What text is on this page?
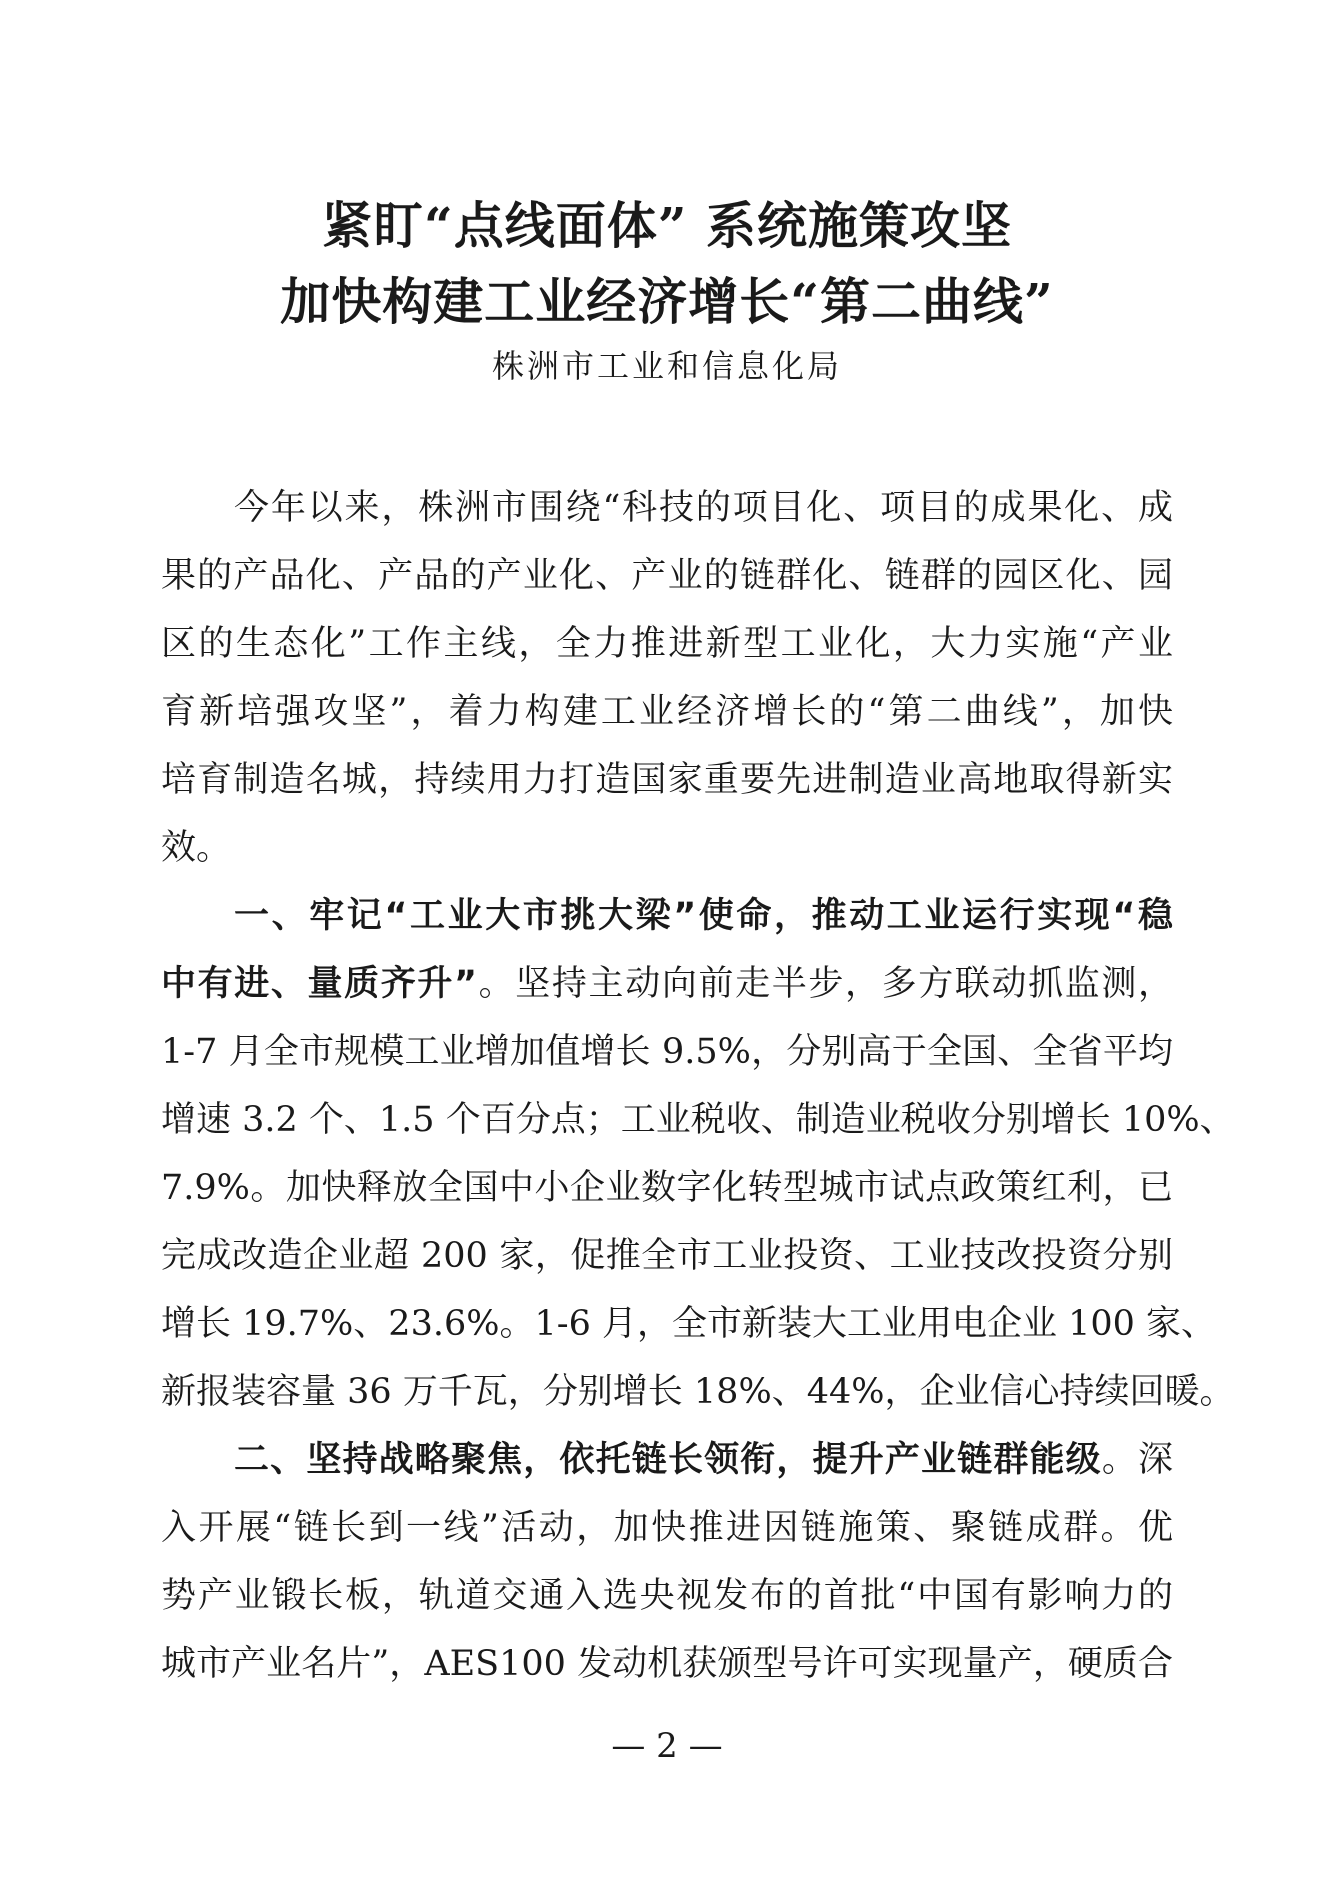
紧盯“点线面体” 系统施策攻坚
加快构建工业经济增长“第二曲线”
株洲市工业和信息化局
今年以来，株洲市围绕“科技的项目化、项目的成果化、成
果的产品化、产品的产业化、产业的链群化、链群的园区化、园
区的生态化”工作主线，全力推进新型工业化，大力实施“产业
育新培强攻坚”，着力构建工业经济增长的“第二曲线”，加快
培育制造名城，持续用力打造国家重要先进制造业高地取得新实
效。
一、牢记“工业大市挑大梁”使命，推动工业运行实现“稳
中有进、量质齐升”。坚持主动向前走半步，多方联动抓监测，
1-7 月全市规模工业增加值增长 9.5%，分别高于全国、全省平均
增速 3.2 个、1.5 个百分点；工业税收、制造业税收分别增长 10%、
7.9%。加快释放全国中小企业数字化转型城市试点政策红利，已
完成改造企业超 200 家，促推全市工业投资、工业技改投资分别
增长 19.7%、23.6%。1-6 月，全市新装大工业用电企业 100 家、
新报装容量 36 万千瓦，分别增长 18%、44%，企业信心持续回暖。
二、坚持战略聚焦，依托链长领衔，提升产业链群能级。深
入开展“链长到一线”活动，加快推进因链施策、聚链成群。优
势产业锻长板，轨道交通入选央视发布的首批“中国有影响力的
城市产业名片”，AES100 发动机获颁型号许可实现量产，硬质合
— 2 —
